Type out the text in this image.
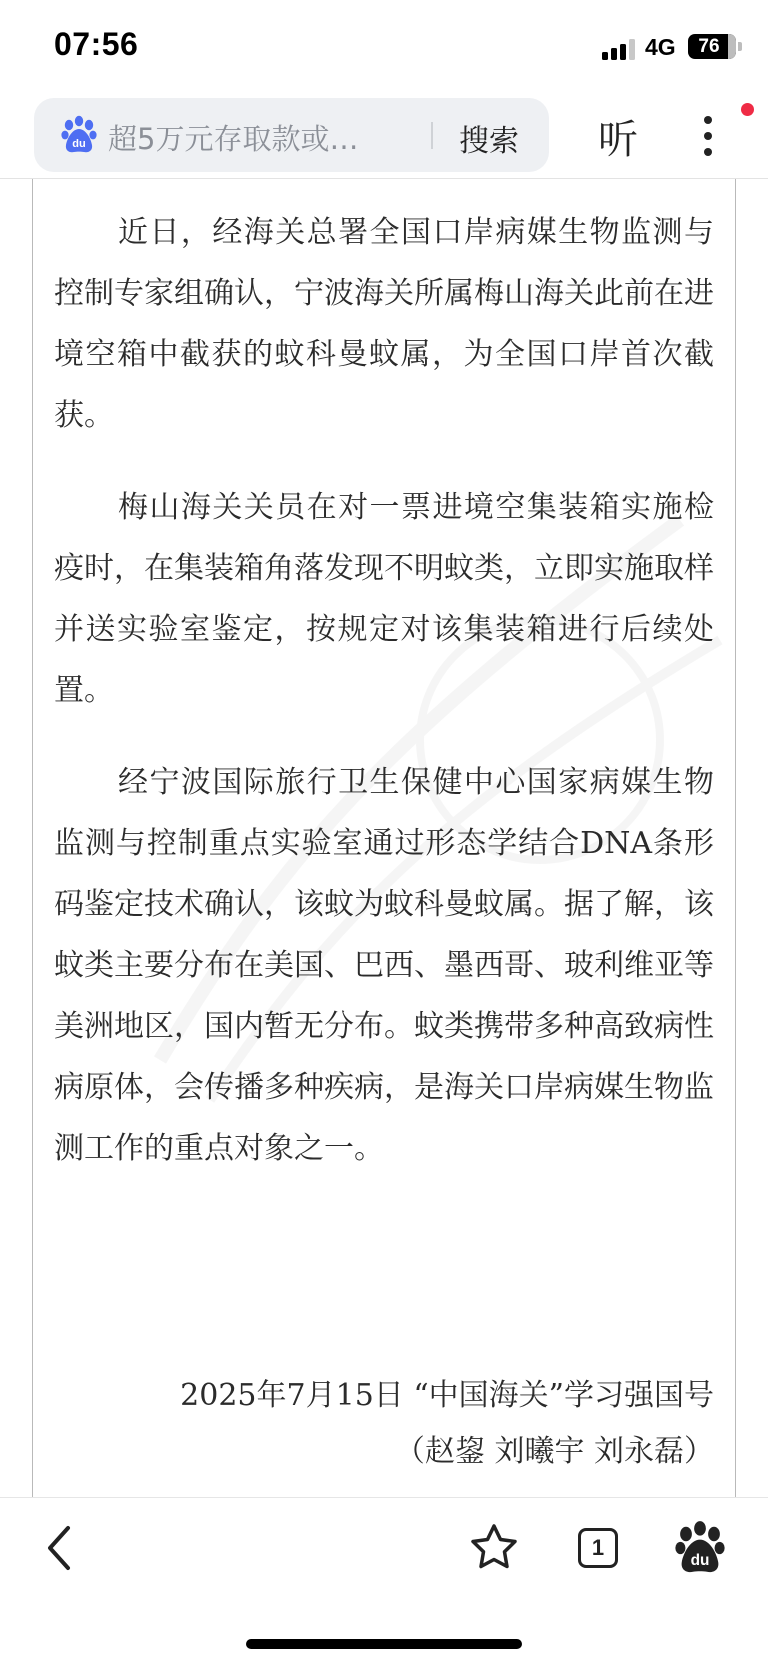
07:56	4G	76
du 超5万元存取款或…	搜索 听
近日，经海关总署全国口岸病媒生物监测与控制专家组确认，宁波海关所属梅山海关此前在进境空箱中截获的蚊科曼蚊属，为全国口岸首次截获。
梅山海关关员在对一票进境空集装箱实施检疫时，在集装箱角落发现不明蚊类，立即实施取样并送实验室鉴定，按规定对该集装箱进行后续处置。
经宁波国际旅行卫生保健中心国家病媒生物监测与控制重点实验室通过形态学结合DNA条形码鉴定技术确认，该蚊为蚊科曼蚊属。据了解，该蚊类主要分布在美国、巴西、墨西哥、玻利维亚等美洲地区，国内暂无分布。蚊类携带多种高致病性病原体，会传播多种疾病，是海关口岸病媒生物监测工作的重点对象之一。
2025年7月15日 “中国海关”学习强国号
（赵鋆 刘曦宇 刘永磊）
1
du
